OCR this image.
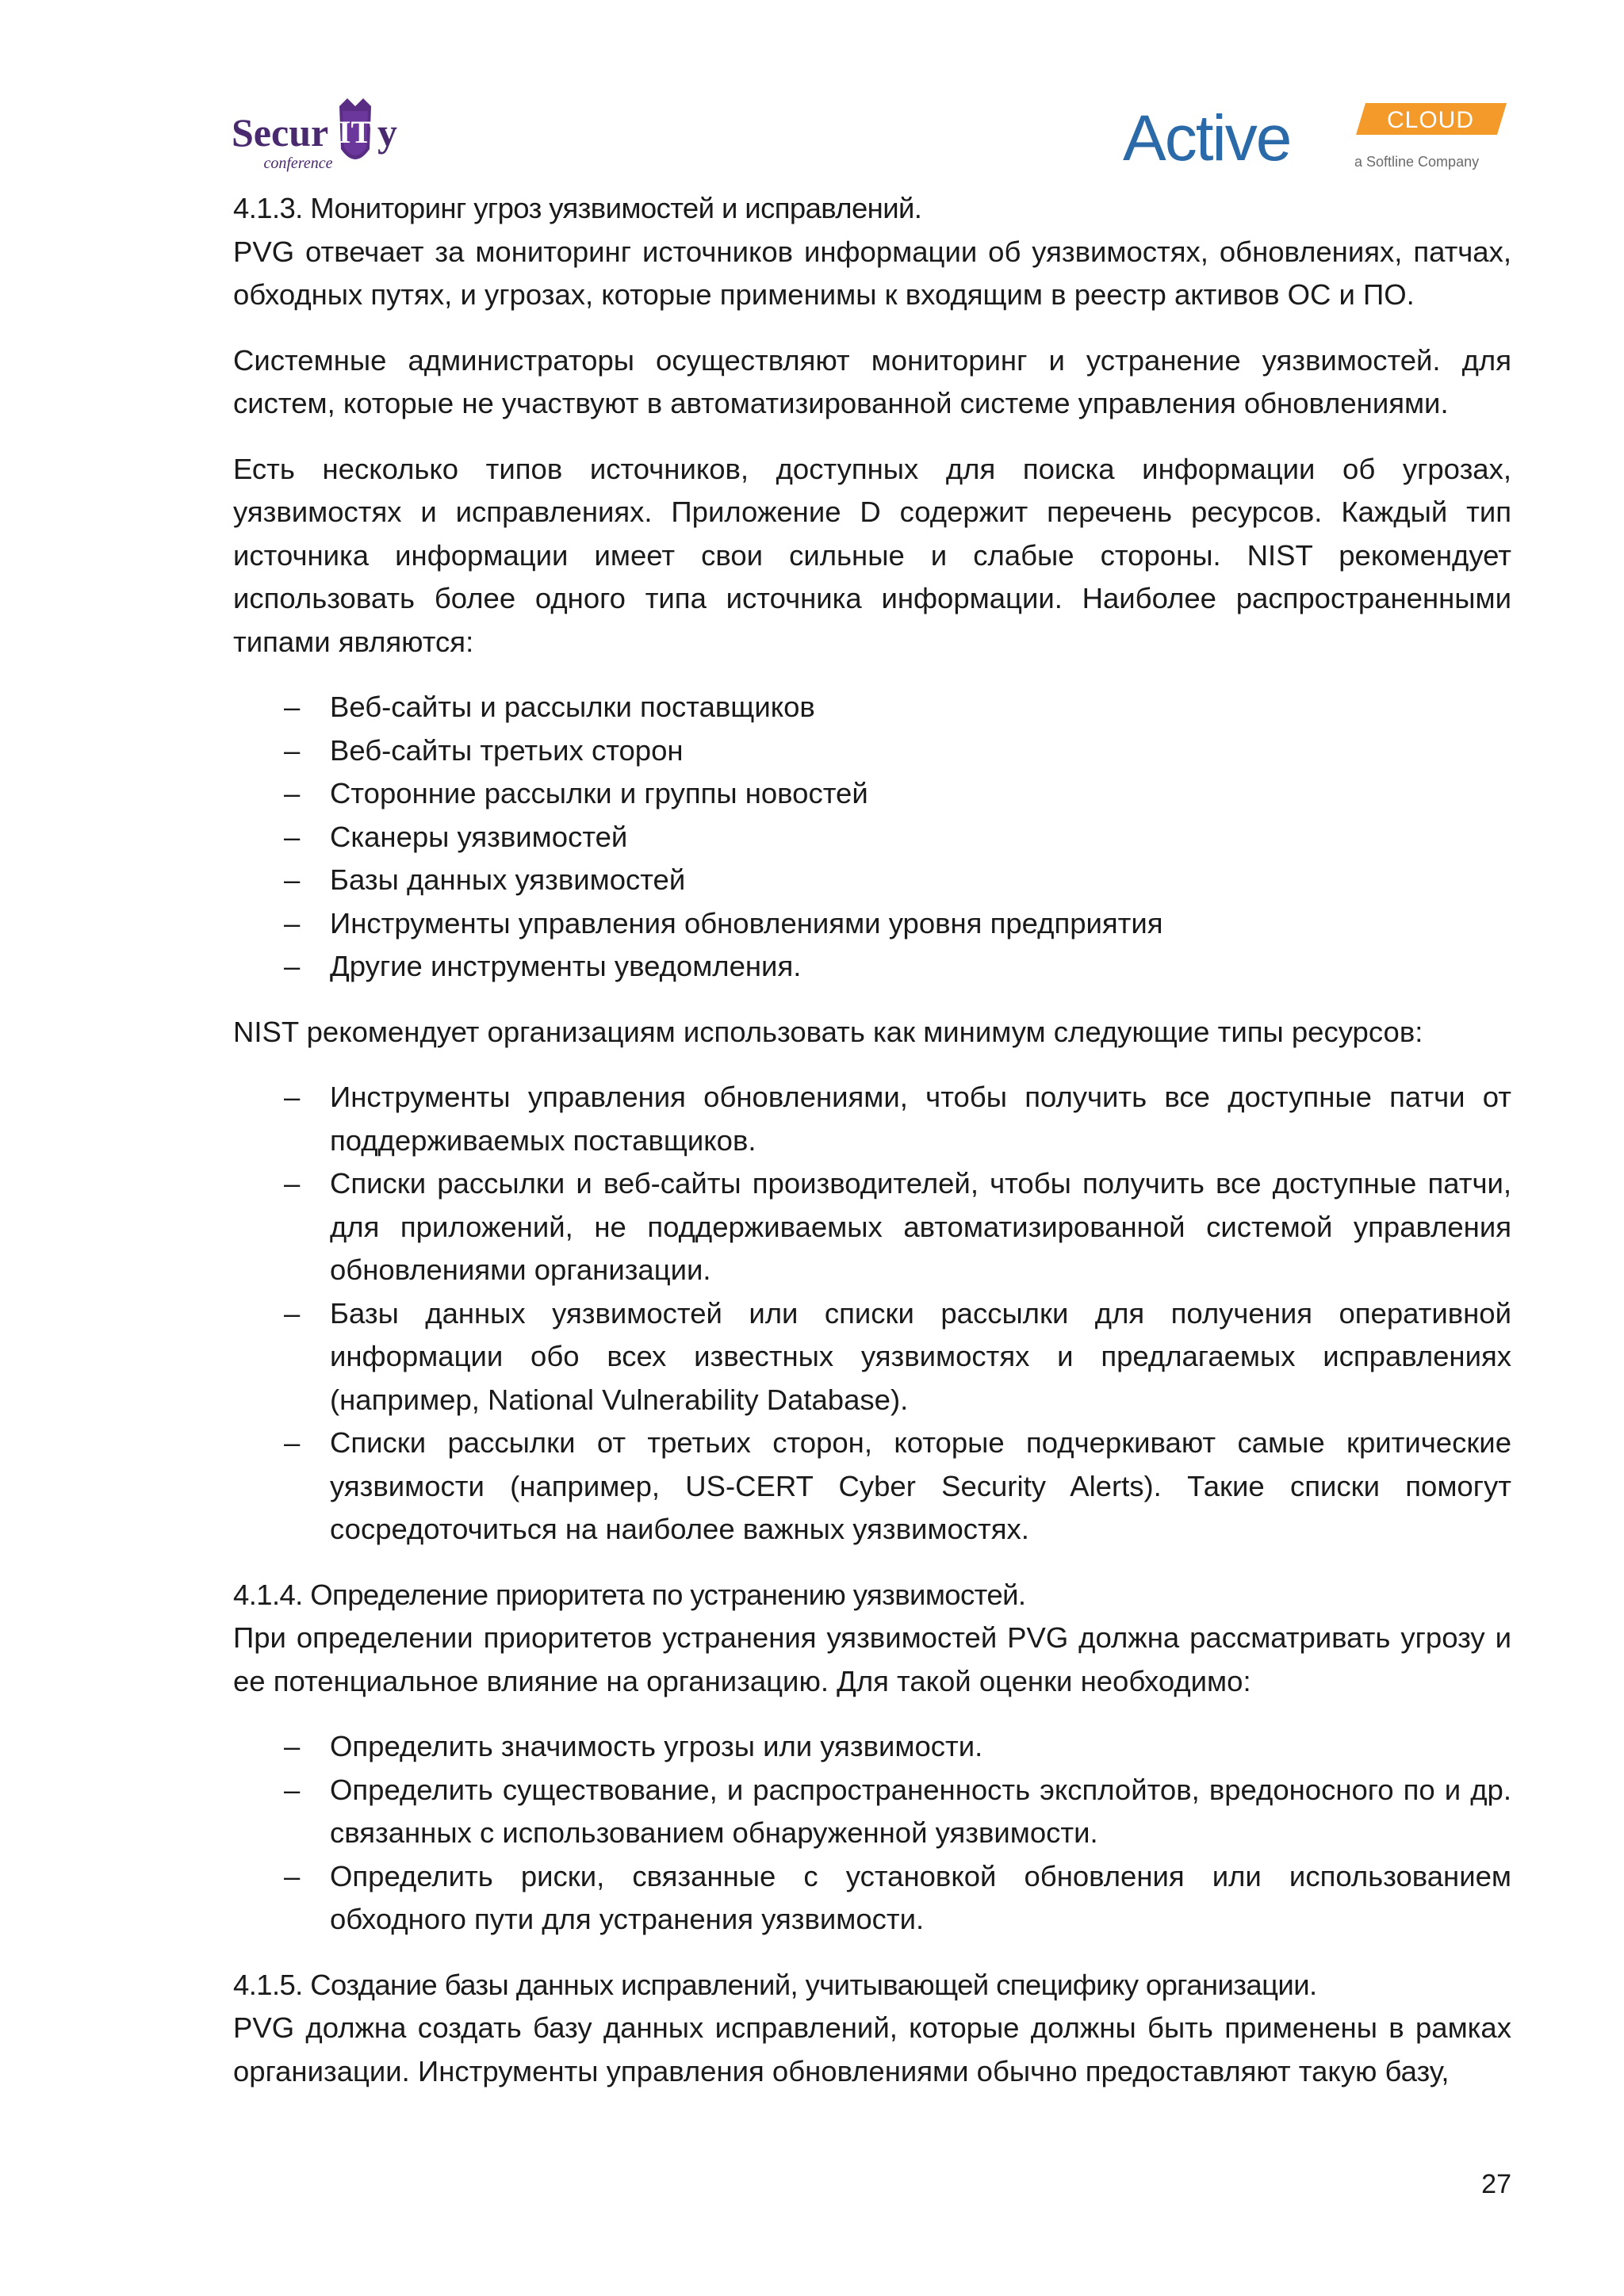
Secur IT y
conference	Active	CLOUD
a Softline Company
4.1.3. Мониторинг угроз уязвимостей и исправлений.

PVG отвечает за мониторинг источников информации об уязвимостях, обновлениях, патчах, обходных путях, и угрозах, которые применимы к входящим в реестр активов ОС и ПО.

Системные администраторы осуществляют мониторинг и устранение уязвимостей. для систем, которые не участвуют в автоматизированной системе управления обновлениями.

Есть несколько типов источников, доступных для поиска информации об угрозах, уязвимостях и исправлениях. Приложение D содержит перечень ресурсов. Каждый тип источника информации имеет свои сильные и слабые стороны. NIST рекомендует использовать более одного типа источника информации. Наиболее распространенными типами являются:

– Веб-сайты и рассылки поставщиков
– Веб-сайты третьих сторон
– Сторонние рассылки и группы новостей
– Сканеры уязвимостей
– Базы данных уязвимостей
– Инструменты управления обновлениями уровня предприятия
– Другие инструменты уведомления.

NIST рекомендует организациям использовать как минимум следующие типы ресурсов:

– Инструменты управления обновлениями, чтобы получить все доступные патчи от поддерживаемых поставщиков.
– Списки рассылки и веб-сайты производителей, чтобы получить все доступные патчи, для приложений, не поддерживаемых автоматизированной системой управления обновлениями организации.
– Базы данных уязвимостей или списки рассылки для получения оперативной информации обо всех известных уязвимостях и предлагаемых исправлениях (например, National Vulnerability Database).
– Списки рассылки от третьих сторон, которые подчеркивают самые критические уязвимости (например, US-CERT Cyber Security Alerts). Такие списки помогут сосредоточиться на наиболее важных уязвимостях.
4.1.4. Определение приоритета по устранению уязвимостей.

При определении приоритетов устранения уязвимостей PVG должна рассматривать угрозу и ее потенциальное влияние на организацию. Для такой оценки необходимо:

– Определить значимость угрозы или уязвимости.
– Определить существование, и распространенность эксплойтов, вредоносного по и др. связанных с использованием обнаруженной уязвимости.
– Определить риски, связанные с установкой обновления или использованием обходного пути для устранения уязвимости.
4.1.5. Создание базы данных исправлений, учитывающей специфику организации.

PVG должна создать базу данных исправлений, которые должны быть применены в рамках организации. Инструменты управления обновлениями обычно предоставляют такую базу,

27
